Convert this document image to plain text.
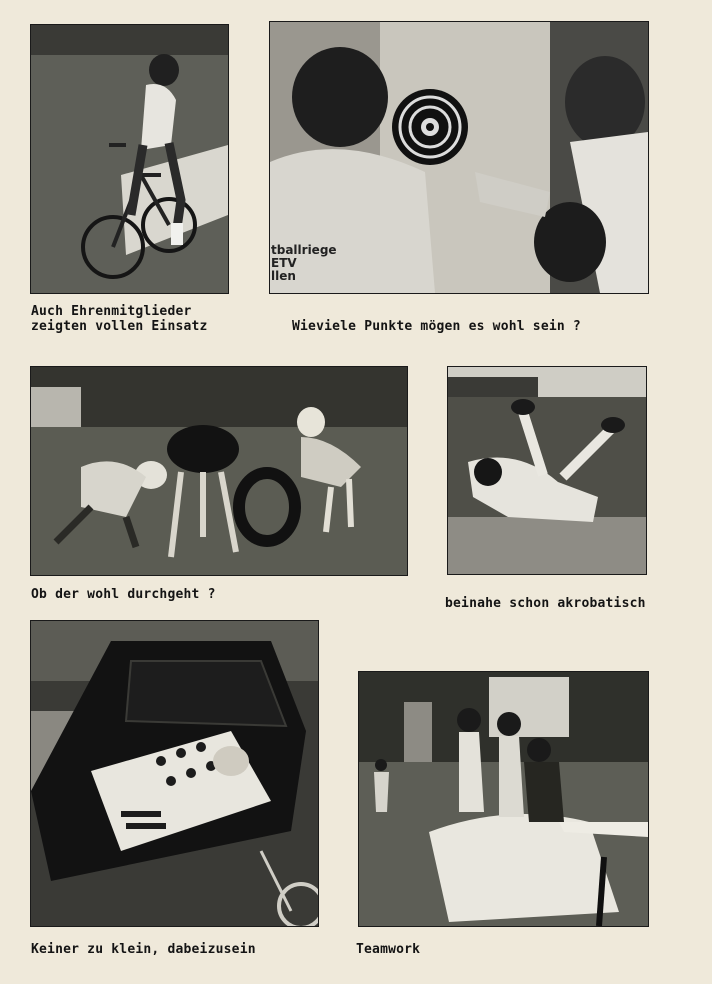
tballriege
ETV
llen
Auch Ehrenmitglieder
zeigten vollen Einsatz	Wieviele Punkte mögen es wohl sein ?
Ob der wohl durchgeht ?
beinahe schon akrobatisch
Keiner zu klein, dabeizusein	Teamwork
